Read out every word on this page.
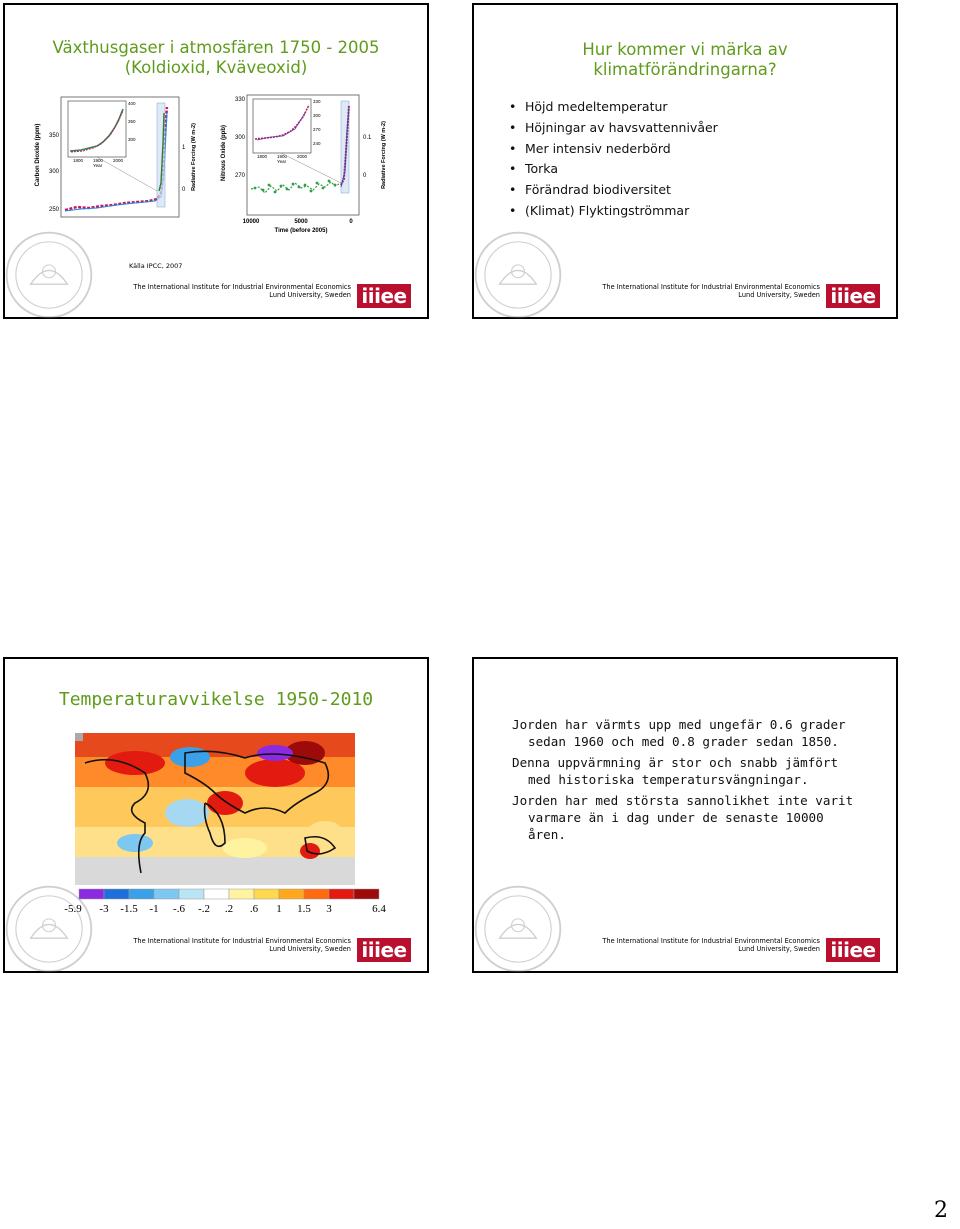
Växthusgaser i atmosfären 1750 - 2005
(Koldioxid, Kväveoxid)
Carbon Dioxide (ppm) 350
300
250
1
0 Radiative Forcing (W m-2)
400
350
300
1800 1900 2000
Year	Nitrous Oxide (ppb)
330
300
270
0.1
0	Radiative Forcing (W m-2)
330
300
270
240
1800 1900 2000
Year
10000	5000	0
Time (before 2005)
Källa IPCC, 2007
The International Institute for Industrial Environmental Economics
Lund University, Sweden iiiee
Hur kommer vi märka av
klimatförändringarna?
• Höjd medeltemperatur
• Höjningar av havsvattennivåer
• Mer intensiv nederbörd
• Torka
• Förändrad biodiversitet
• (Klimat) Flyktingströmmar
The International Institute for Industrial Environmental Economics
Lund University, Sweden iiiee
Temperaturavvikelse 1950-2010
-5.9 -3 -1.5 -1 -.6 -.2 .2 .6 1 1.5 3	6.4
The International Institute for Industrial Environmental Economics
Lund University, Sweden iiiee
Jorden har värmts upp med ungefär 0.6 grader
sedan 1960 och med 0.8 grader sedan 1850.
Denna uppvärmning är stor och snabb jämfört
med historiska temperatursvängningar.
Jorden har med största sannolikhet inte varit
varmare än i dag under de senaste 10000
åren.
The International Institute for Industrial Environmental Economics
Lund University, Sweden iiiee
2
